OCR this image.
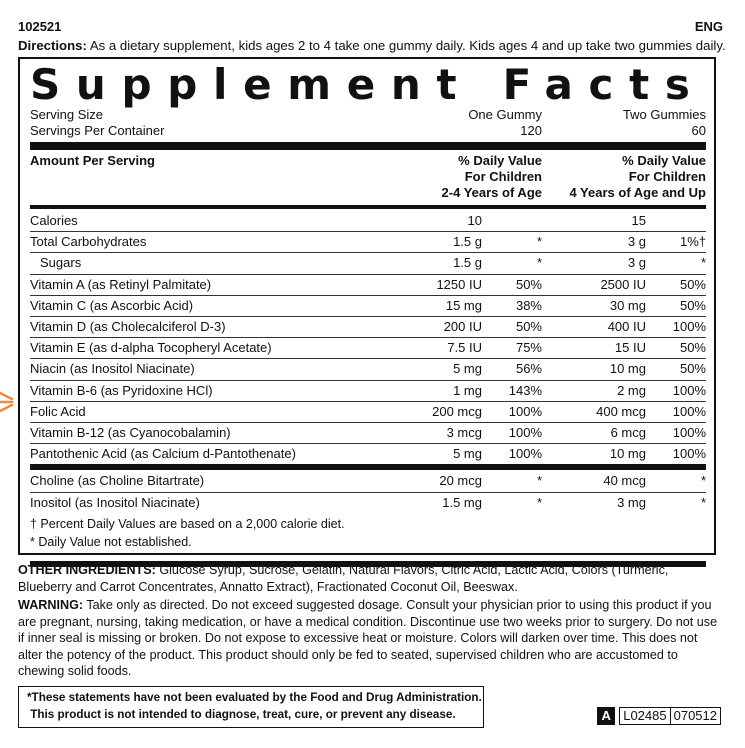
102521	ENG
Directions: As a dietary supplement, kids ages 2 to 4 take one gummy daily. Kids ages 4 and up take two gummies daily.
Supplement Facts
Serving Size	One Gummy	Two Gummies
Servings Per Container	120	60
Amount Per Serving	% Daily Value
For Children
2-4 Years of Age
% Daily Value
For Children
4 Years of Age and Up
Calories	10	15
Total Carbohydrates	1.5 g	*	3 g	1%†
Sugars	1.5 g	*	3 g	*
Vitamin A (as Retinyl Palmitate)	1250 IU	50%	2500 IU	50%
Vitamin C (as Ascorbic Acid)	15 mg	38%	30 mg	50%
Vitamin D (as Cholecalciferol D-3)	200 IU	50%	400 IU 100%
Vitamin E (as d-alpha Tocopheryl Acetate)	7.5 IU	75%	15 IU	50%
Niacin (as Inositol Niacinate)	5 mg	56%	10 mg	50%
Vitamin B-6 (as Pyridoxine HCl)	1 mg 143%	2 mg 100%
Folic Acid	200 mcg 100%	400 mcg 100%
Vitamin B-12 (as Cyanocobalamin)	3 mcg 100%	6 mcg 100%
Pantothenic Acid (as Calcium d-Pantothenate)	5 mg 100%	10 mg 100%
Choline (as Choline Bitartrate)	20 mcg	*	40 mcg	*
Inositol (as Inositol Niacinate)	1.5 mg	*	3 mg	*
† Percent Daily Values are based on a 2,000 calorie diet.
* Daily Value not established.
OTHER INGREDIENTS: Glucose Syrup, Sucrose, Gelatin, Natural Flavors, Citric Acid, Lactic Acid, Colors (Turmeric, Blueberry and Carrot Concentrates, Annatto Extract), Fractionated Coconut Oil, Beeswax.
WARNING: Take only as directed. Do not exceed suggested dosage. Consult your physician prior to using this product if you are pregnant, nursing, taking medication, or have a medical condition. Discontinue use two weeks prior to surgery. Do not use if inner seal is missing or broken. Do not expose to excessive heat or moisture. Colors will darken over time. This does not alter the potency of the product. This product should only be fed to seated, supervised children who are accustomed to chewing solid foods.
*These statements have not been evaluated by the Food and Drug Administration.
This product is not intended to diagnose, treat, cure, or prevent any disease.	A L02485 070512
